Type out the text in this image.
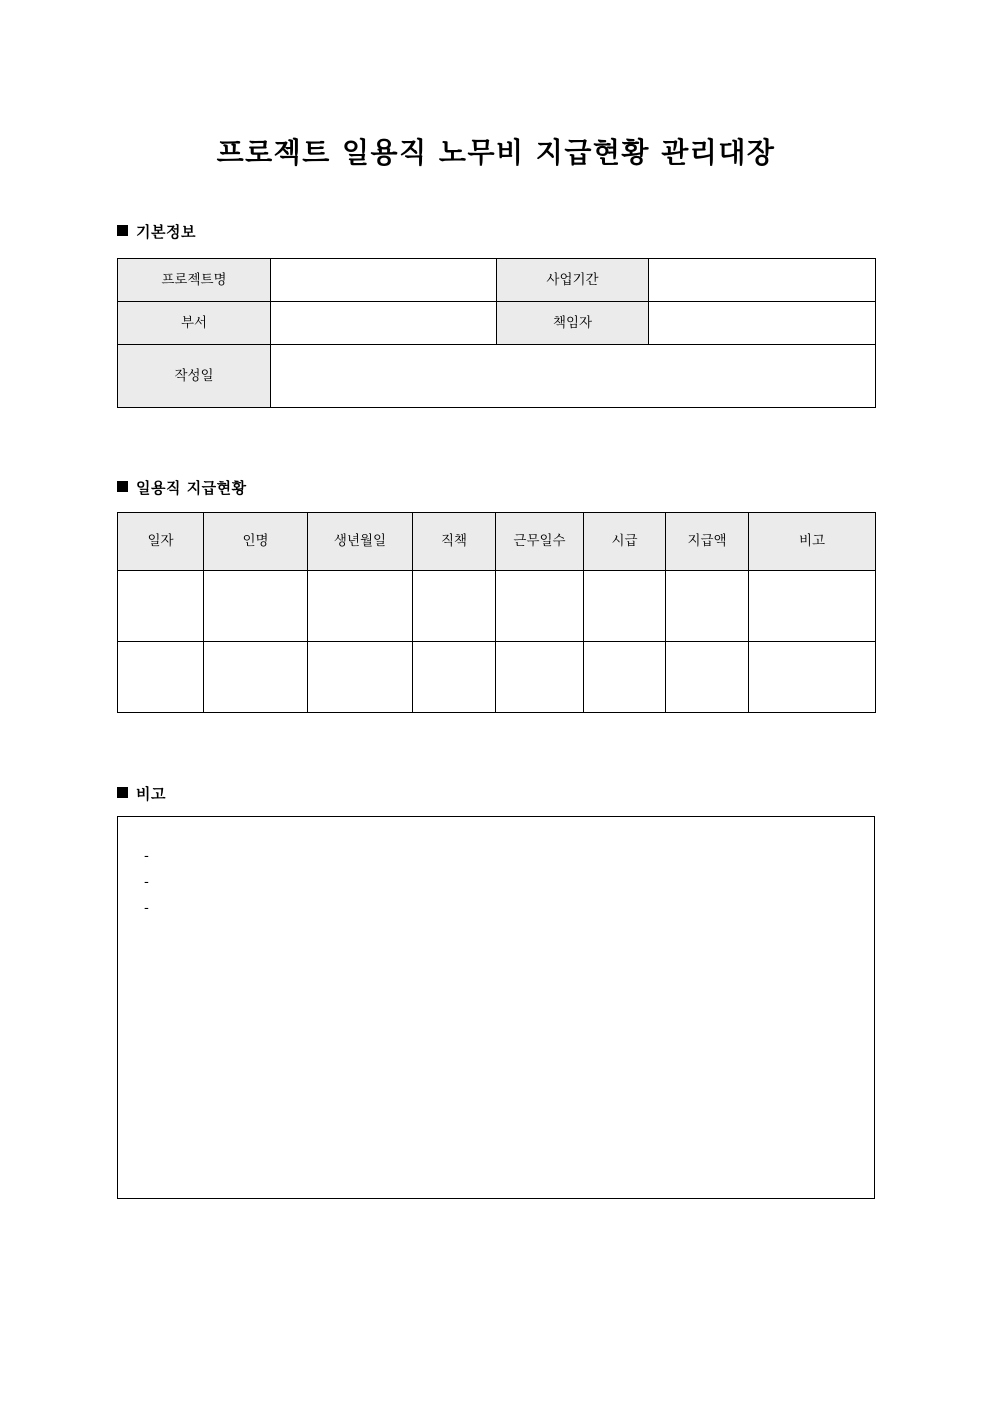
프로젝트 일용직 노무비 지급현황 관리대장
기본정보
프로젝트명		사업기간	
부서		책임자	
작성일			
일용직 지급현황
일자	인명	생년월일	직책	근무일수	시급	지급액	비고

비고
-
-
-
